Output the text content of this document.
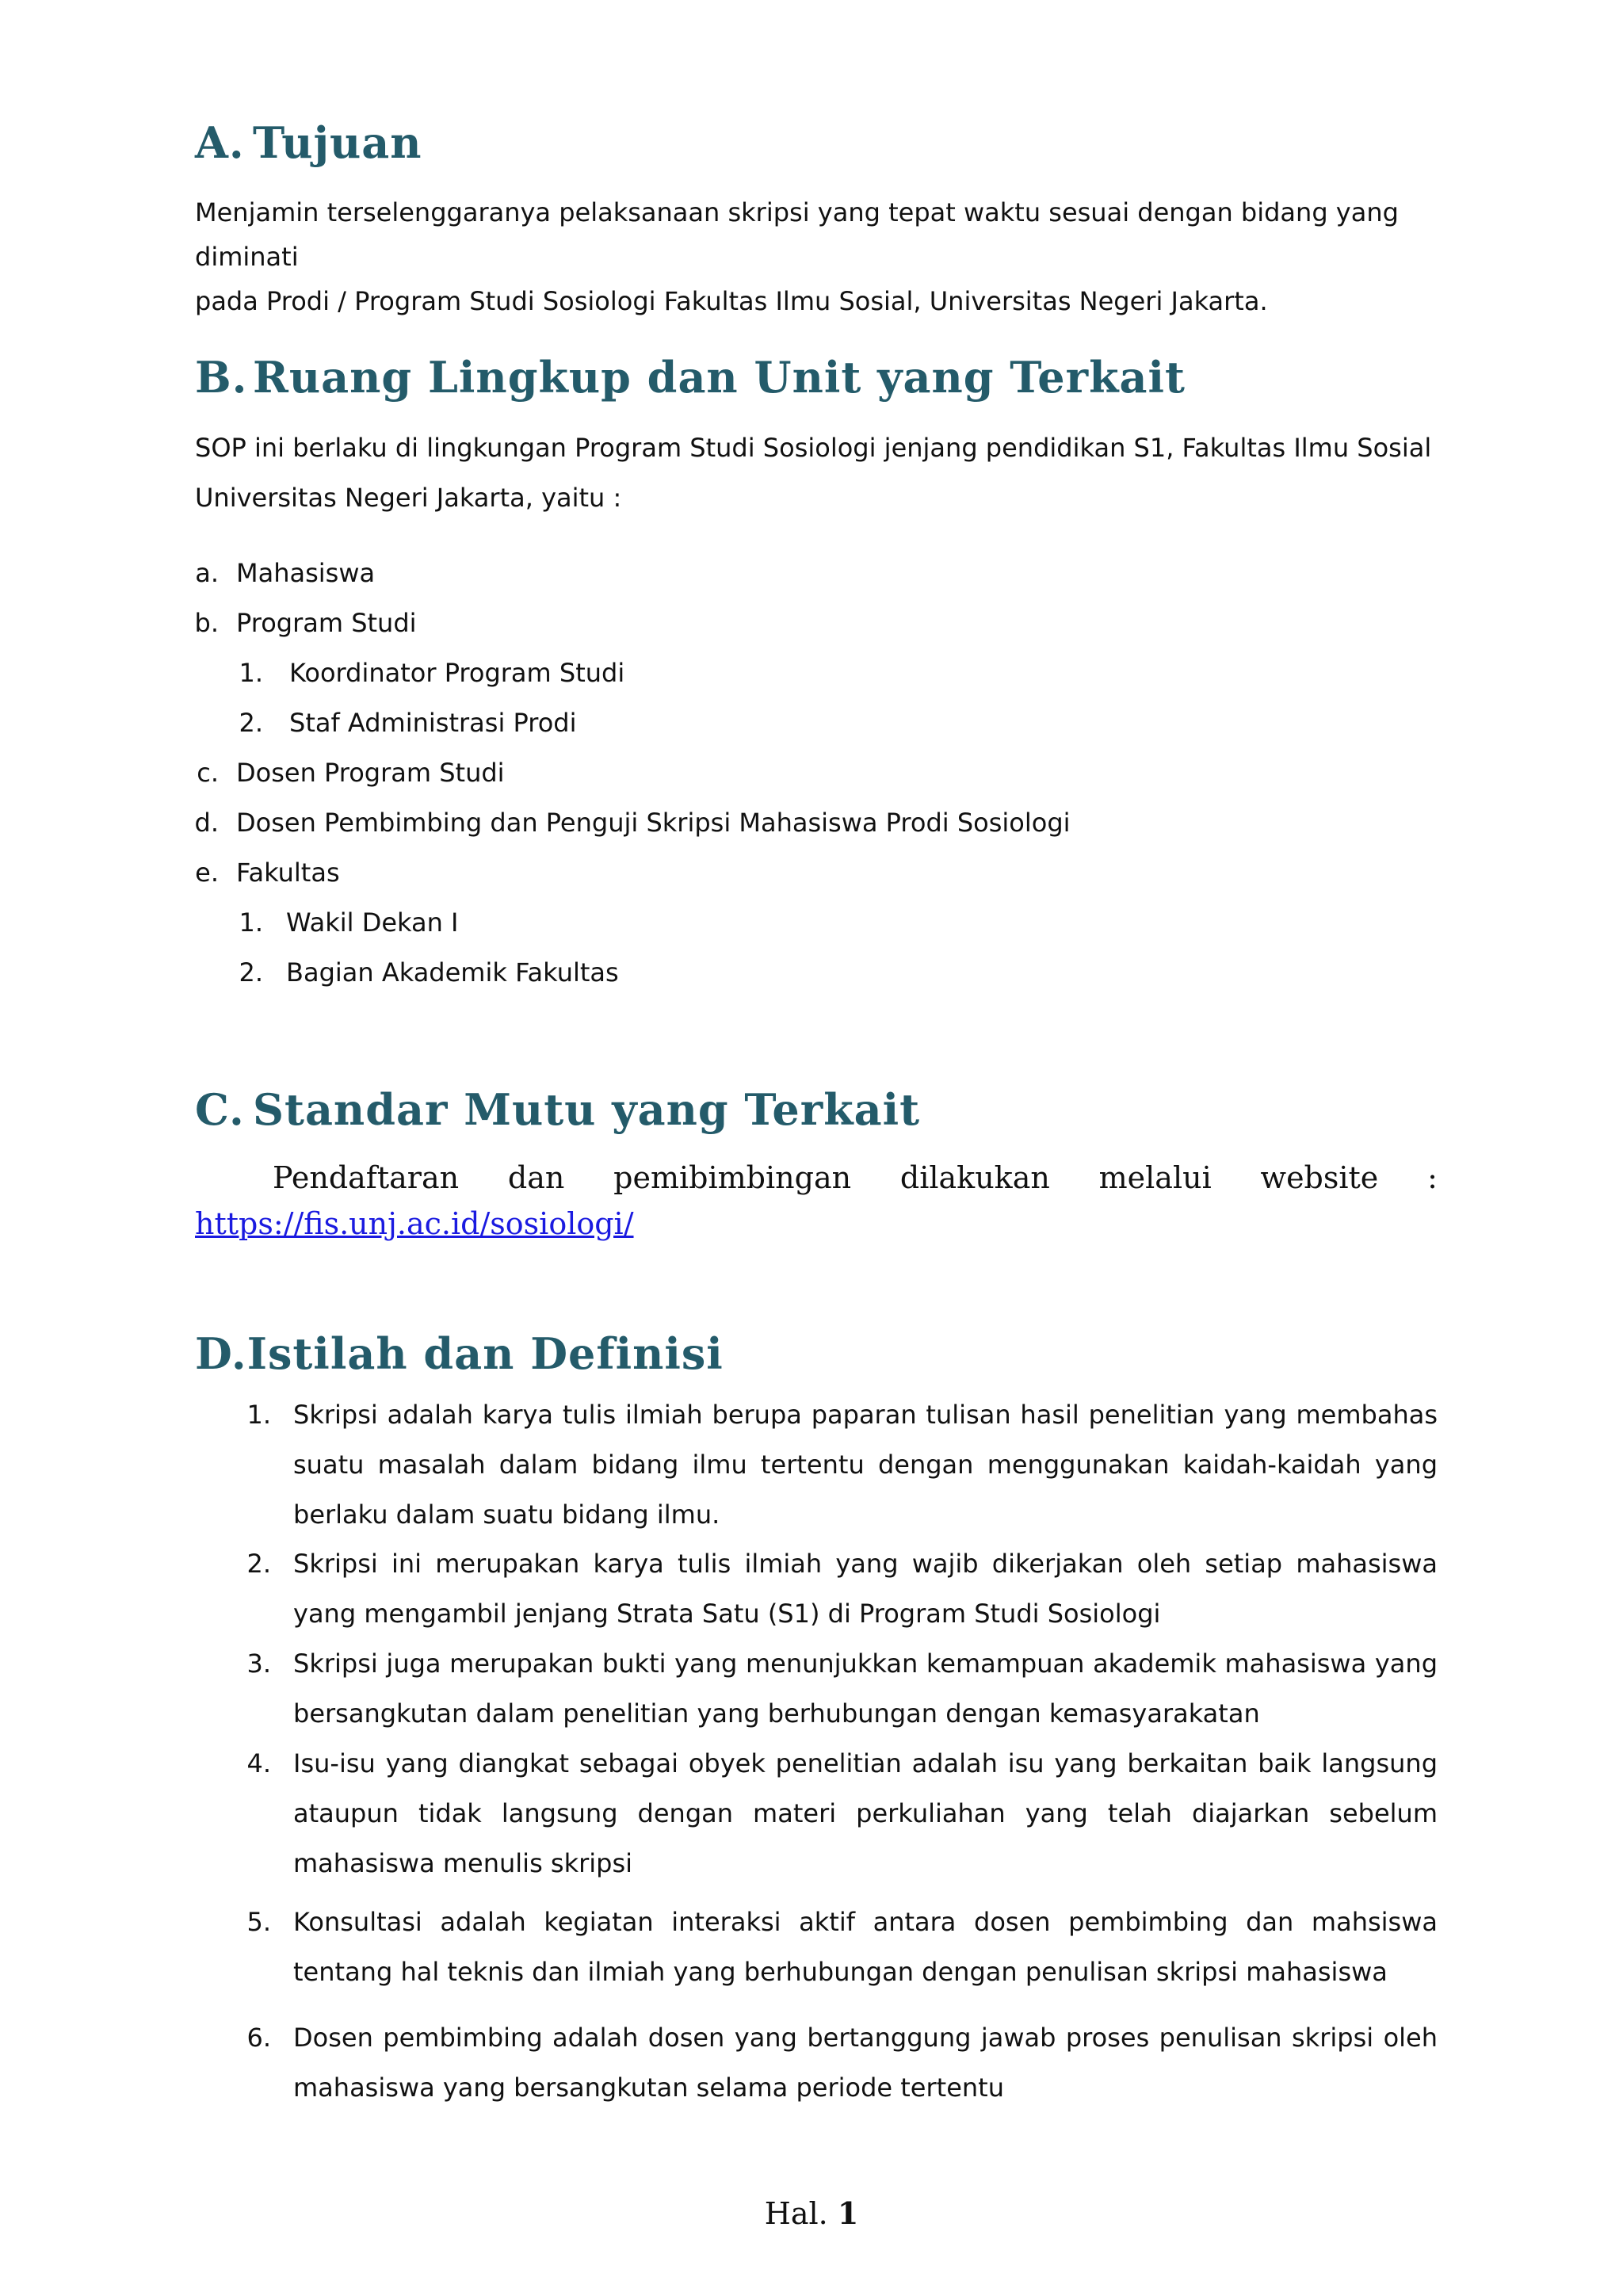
A. Tujuan

Menjamin terselenggaranya pelaksanaan skripsi yang tepat waktu sesuai dengan bidang yang diminati
pada Prodi / Program Studi Sosiologi Fakultas Ilmu Sosial, Universitas Negeri Jakarta.

B. Ruang Lingkup dan Unit yang Terkait

SOP ini berlaku di lingkungan Program Studi Sosiologi jenjang pendidikan S1, Fakultas Ilmu Sosial
Universitas Negeri Jakarta, yaitu :

a. Mahasiswa
b. Program Studi
1. Koordinator Program Studi
2. Staf Administrasi Prodi
c. Dosen Program Studi
d. Dosen Pembimbing dan Penguji Skripsi Mahasiswa Prodi Sosiologi
e. Fakultas
1. Wakil Dekan I
2. Bagian Akademik Fakultas
C. Standar Mutu yang Terkait
Pendaftaran dan pemibimbingan dilakukan melalui website :
https://fis.unj.ac.id/sosiologi/
D.Istilah dan Definisi
1. Skripsi adalah karya tulis ilmiah berupa paparan tulisan hasil penelitian yang membahas suatu masalah dalam bidang ilmu tertentu dengan menggunakan kaidah-kaidah yang berlaku dalam suatu bidang ilmu.
2. Skripsi ini merupakan karya tulis ilmiah yang wajib dikerjakan oleh setiap mahasiswa yang mengambil jenjang Strata Satu (S1) di Program Studi Sosiologi
3. Skripsi juga merupakan bukti yang menunjukkan kemampuan akademik mahasiswa yang bersangkutan dalam penelitian yang berhubungan dengan kemasyarakatan
4. Isu-isu yang diangkat sebagai obyek penelitian adalah isu yang berkaitan baik langsung ataupun tidak langsung dengan materi perkuliahan yang telah diajarkan sebelum mahasiswa menulis skripsi
5. Konsultasi adalah kegiatan interaksi aktif antara dosen pembimbing dan mahsiswa tentang hal teknis dan ilmiah yang berhubungan dengan penulisan skripsi mahasiswa
6. Dosen pembimbing adalah dosen yang bertanggung jawab proses penulisan skripsi oleh mahasiswa yang bersangkutan selama periode tertentu
Hal. 1
